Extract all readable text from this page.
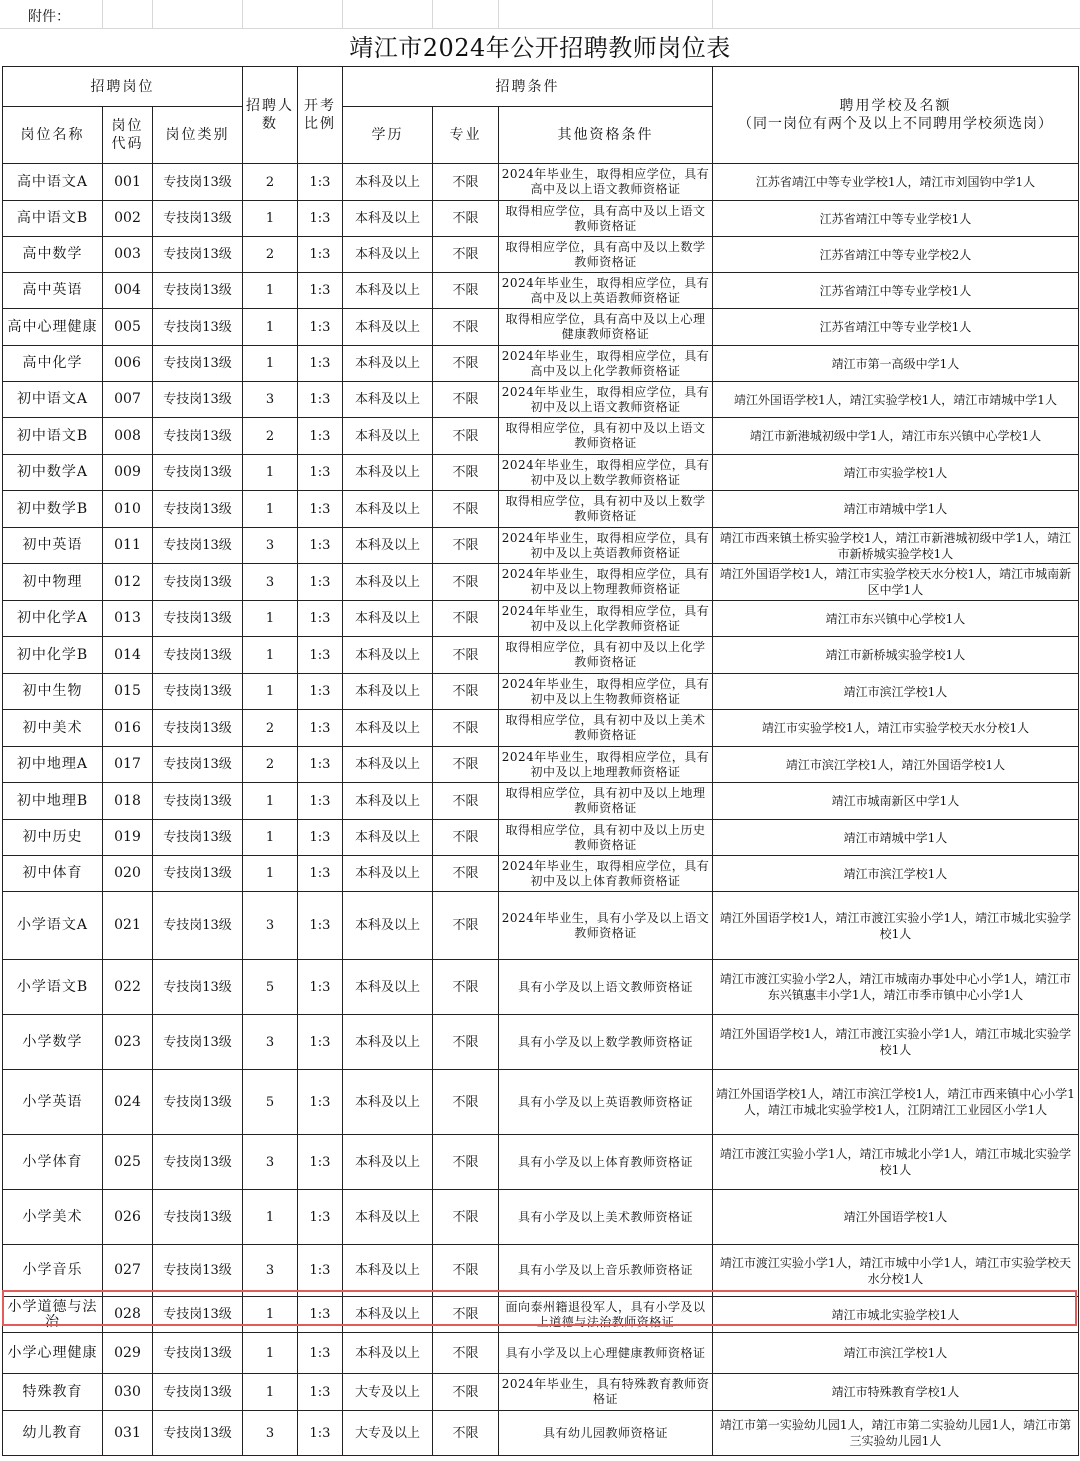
附件：
靖江市2024年公开招聘教师岗位表
招聘岗位			招聘人数	开考比例	招聘条件			聘用学校及名额
（同一岗位有两个及以上不同聘用学校须选岗）

岗位名称	岗位代码	岗位类别			学历	专业	其他资格条件	
高中语文A	001	专技岗13级	2	1:3	本科及以上	不限	2024年毕业生，取得相应学位，具有高中及以上语文教师资格证	江苏省靖江中等专业学校1人，靖江市刘国钧中学1人
高中语文B	002	专技岗13级	1	1:3	本科及以上	不限	取得相应学位，具有高中及以上语文教师资格证	江苏省靖江中等专业学校1人
高中数学	003	专技岗13级	2	1:3	本科及以上	不限	取得相应学位，具有高中及以上数学教师资格证	江苏省靖江中等专业学校2人
高中英语	004	专技岗13级	1	1:3	本科及以上	不限	2024年毕业生，取得相应学位，具有高中及以上英语教师资格证	江苏省靖江中等专业学校1人
高中心理健康	005	专技岗13级	1	1:3	本科及以上	不限	取得相应学位，具有高中及以上心理健康教师资格证	江苏省靖江中等专业学校1人
高中化学	006	专技岗13级	1	1:3	本科及以上	不限	2024年毕业生，取得相应学位，具有高中及以上化学教师资格证	靖江市第一高级中学1人
初中语文A	007	专技岗13级	3	1:3	本科及以上	不限	2024年毕业生，取得相应学位，具有初中及以上语文教师资格证	靖江外国语学校1人，靖江实验学校1人，靖江市靖城中学1人
初中语文B	008	专技岗13级	2	1:3	本科及以上	不限	取得相应学位，具有初中及以上语文教师资格证	靖江市新港城初级中学1人，靖江市东兴镇中心学校1人
初中数学A	009	专技岗13级	1	1:3	本科及以上	不限	2024年毕业生，取得相应学位，具有初中及以上数学教师资格证	靖江市实验学校1人
初中数学B	010	专技岗13级	1	1:3	本科及以上	不限	取得相应学位，具有初中及以上数学教师资格证	靖江市靖城中学1人
初中英语	011	专技岗13级	3	1:3	本科及以上	不限	2024年毕业生，取得相应学位，具有初中及以上英语教师资格证	靖江市西来镇土桥实验学校1人，靖江市新港城初级中学1人，靖江市新桥城实验学校1人
初中物理	012	专技岗13级	3	1:3	本科及以上	不限	2024年毕业生，取得相应学位，具有初中及以上物理教师资格证	靖江外国语学校1人，靖江市实验学校天水分校1人，靖江市城南新区中学1人
初中化学A	013	专技岗13级	1	1:3	本科及以上	不限	2024年毕业生，取得相应学位，具有初中及以上化学教师资格证	靖江市东兴镇中心学校1人
初中化学B	014	专技岗13级	1	1:3	本科及以上	不限	取得相应学位，具有初中及以上化学教师资格证	靖江市新桥城实验学校1人
初中生物	015	专技岗13级	1	1:3	本科及以上	不限	2024年毕业生，取得相应学位，具有初中及以上生物教师资格证	靖江市滨江学校1人
初中美术	016	专技岗13级	2	1:3	本科及以上	不限	取得相应学位，具有初中及以上美术教师资格证	靖江市实验学校1人，靖江市实验学校天水分校1人
初中地理A	017	专技岗13级	2	1:3	本科及以上	不限	2024年毕业生，取得相应学位，具有初中及以上地理教师资格证	靖江市滨江学校1人，靖江外国语学校1人
初中地理B	018	专技岗13级	1	1:3	本科及以上	不限	取得相应学位，具有初中及以上地理教师资格证	靖江市城南新区中学1人
初中历史	019	专技岗13级	1	1:3	本科及以上	不限	取得相应学位，具有初中及以上历史教师资格证	靖江市靖城中学1人
初中体育	020	专技岗13级	1	1:3	本科及以上	不限	2024年毕业生，取得相应学位，具有初中及以上体育教师资格证	靖江市滨江学校1人
小学语文A	021	专技岗13级	3	1:3	本科及以上	不限	2024年毕业生，具有小学及以上语文教师资格证	靖江外国语学校1人，靖江市渡江实验小学1人，靖江市城北实验学校1人
小学语文B	022	专技岗13级	5	1:3	本科及以上	不限	具有小学及以上语文教师资格证	靖江市渡江实验小学2人，靖江市城南办事处中心小学1人，靖江市东兴镇惠丰小学1人，靖江市季市镇中心小学1人
小学数学	023	专技岗13级	3	1:3	本科及以上	不限	具有小学及以上数学教师资格证	靖江外国语学校1人，靖江市渡江实验小学1人，靖江市城北实验学校1人
小学英语	024	专技岗13级	5	1:3	本科及以上	不限	具有小学及以上英语教师资格证	靖江外国语学校1人，靖江市滨江学校1人，靖江市西来镇中心小学1人，靖江市城北实验学校1人，江阴靖江工业园区小学1人
小学体育	025	专技岗13级	3	1:3	本科及以上	不限	具有小学及以上体育教师资格证	靖江市渡江实验小学1人，靖江市城北小学1人，靖江市城北实验学校1人
小学美术	026	专技岗13级	1	1:3	本科及以上	不限	具有小学及以上美术教师资格证	靖江外国语学校1人
小学音乐	027	专技岗13级	3	1:3	本科及以上	不限	具有小学及以上音乐教师资格证	靖江市渡江实验小学1人，靖江市城中小学1人，靖江市实验学校天水分校1人
小学道德与法治	028	专技岗13级	1	1:3	本科及以上	不限	面向泰州籍退役军人，具有小学及以上道德与法治教师资格证	靖江市城北实验学校1人
小学心理健康	029	专技岗13级	1	1:3	本科及以上	不限	具有小学及以上心理健康教师资格证	靖江市滨江学校1人
特殊教育	030	专技岗13级	1	1:3	大专及以上	不限	2024年毕业生，具有特殊教育教师资格证	靖江市特殊教育学校1人
幼儿教育	031	专技岗13级	3	1:3	大专及以上	不限	具有幼儿园教师资格证	靖江市第一实验幼儿园1人，靖江市第二实验幼儿园1人，靖江市第三实验幼儿园1人
